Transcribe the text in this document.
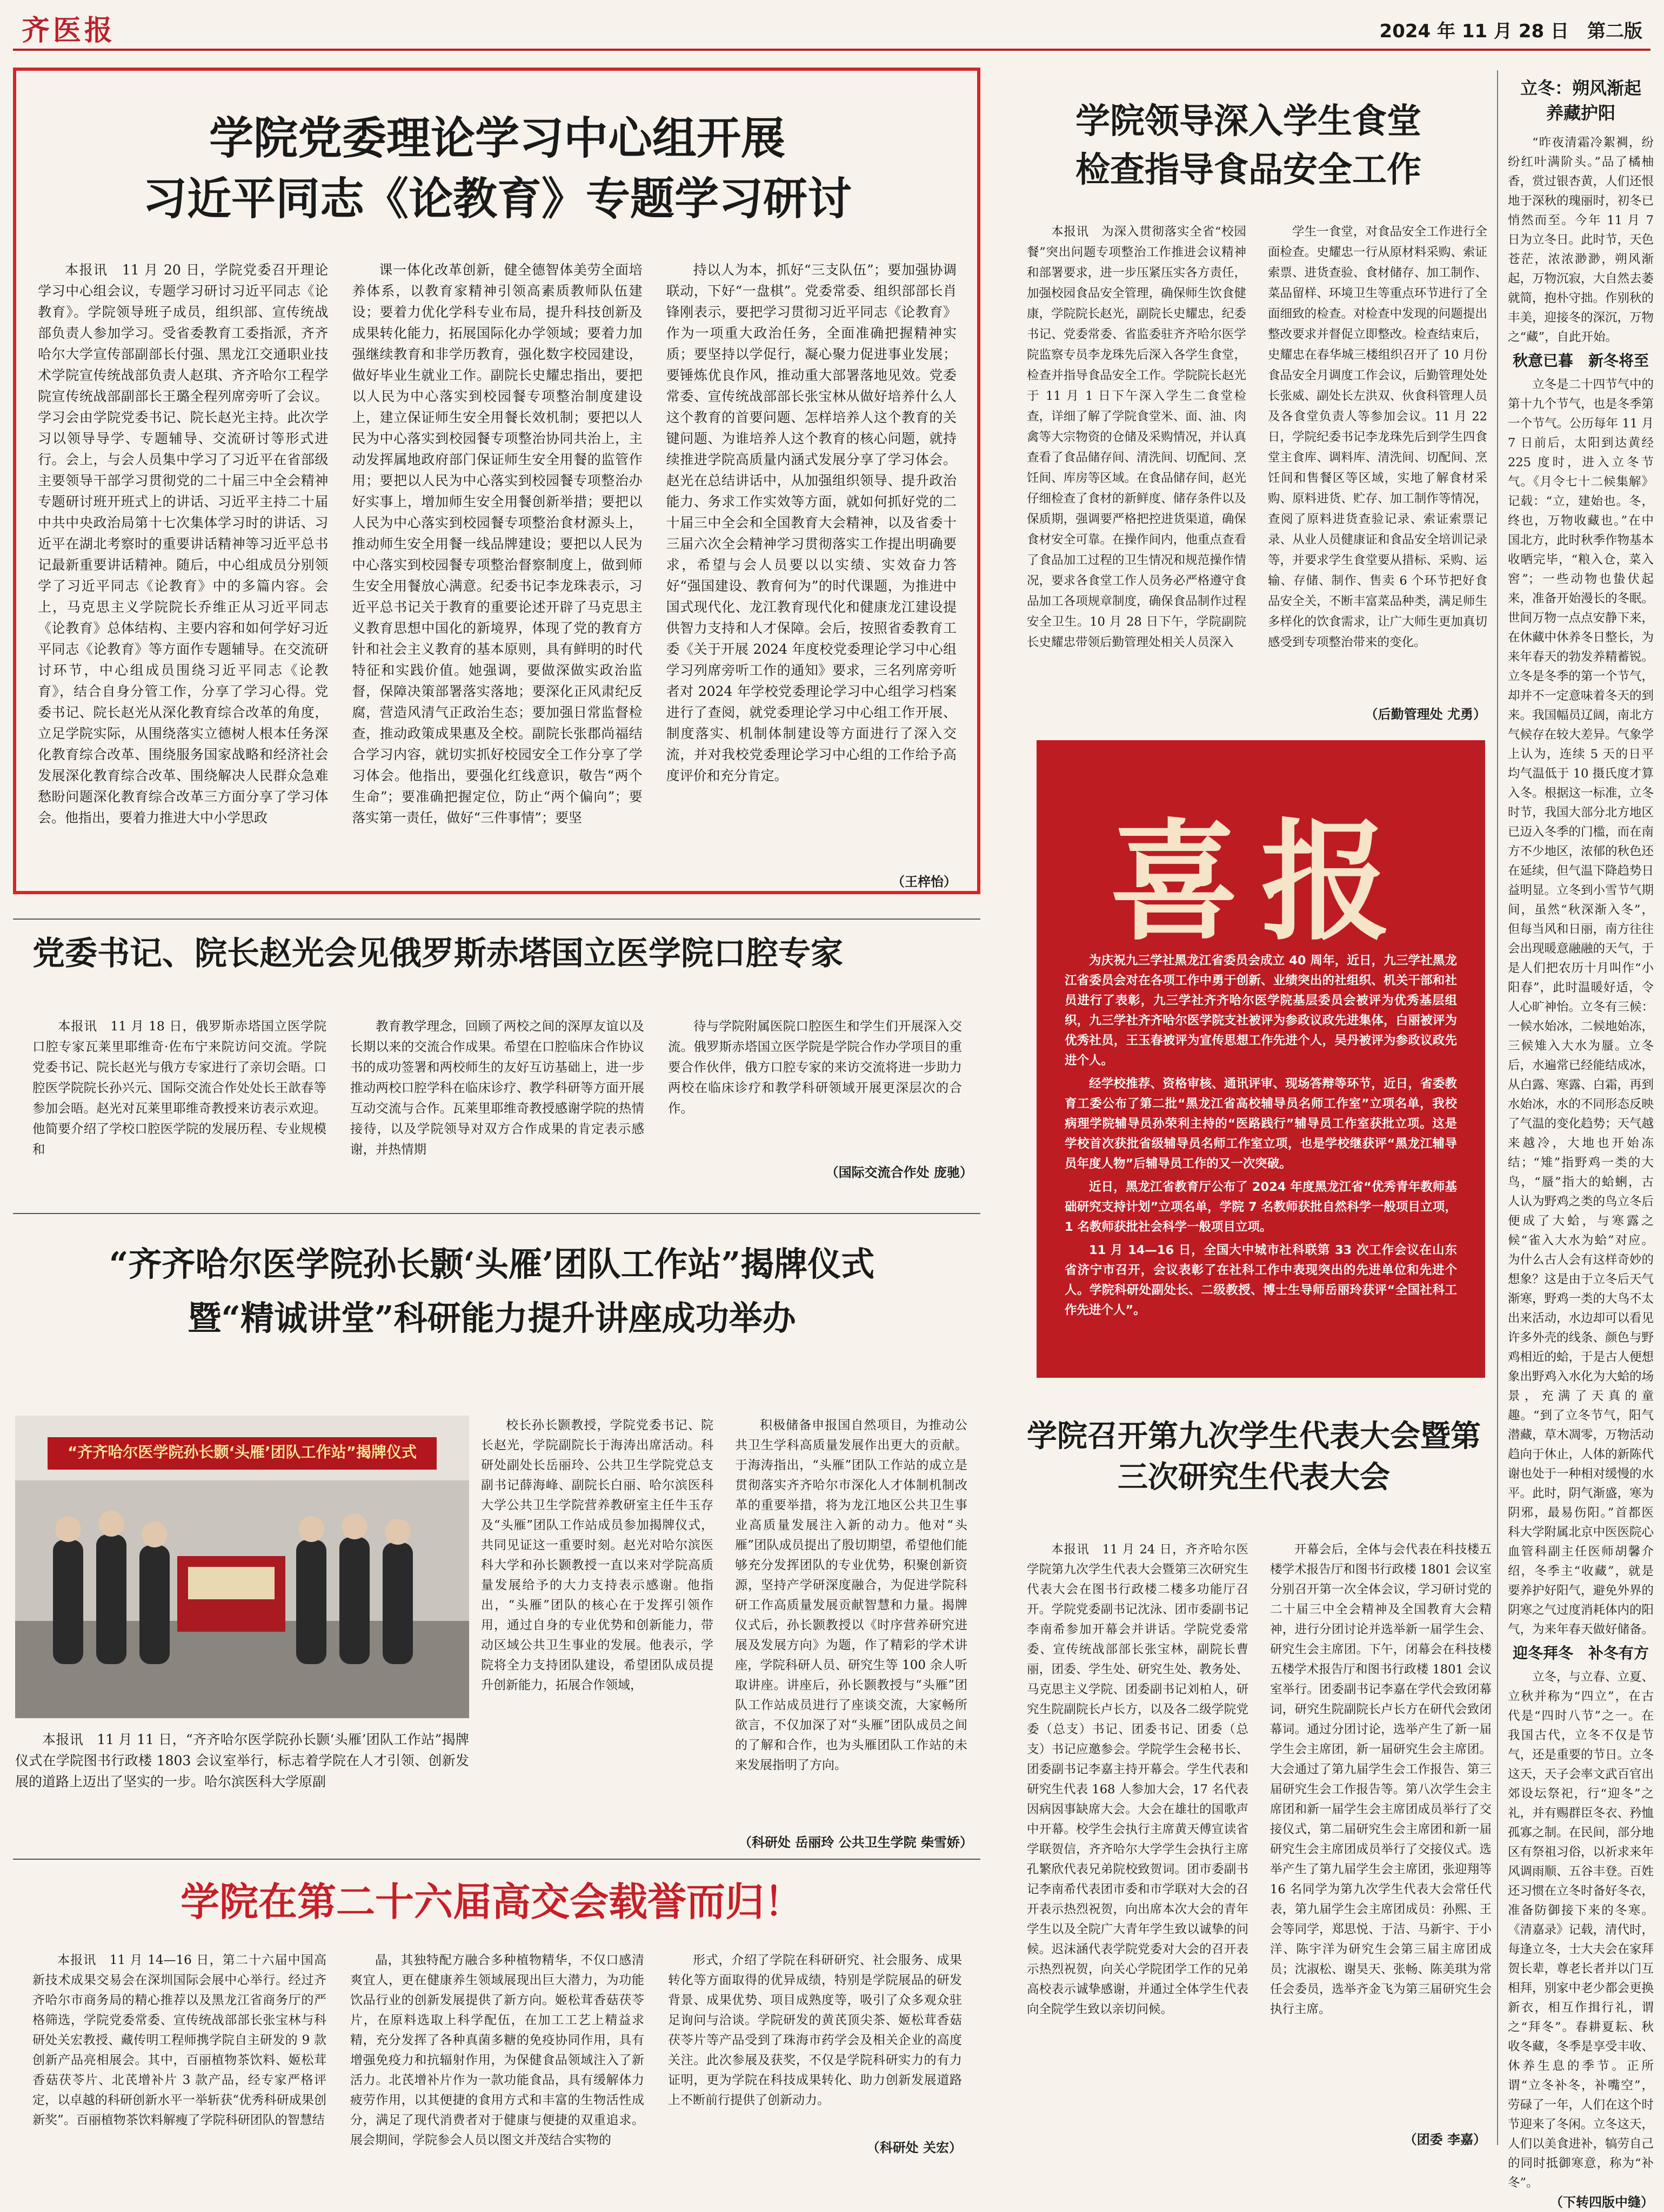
齐医报	2024 年 11 月 28 日　第二版
学院党委理论学习中心组开展
习近平同志《论教育》专题学习研讨

本报讯　11 月 20 日，学院党委召开理论学习中心组会议，专题学习研讨习近平同志《论教育》。学院领导班子成员，组织部、宣传统战部负责人参加学习。受省委教育工委指派，齐齐哈尔大学宣传部副部长付强、黑龙江交通职业技术学院宣传统战部负责人赵琪、齐齐哈尔工程学院宣传统战部副部长王璐全程列席旁听了会议。学习会由学院党委书记、院长赵光主持。此次学习以领导导学、专题辅导、交流研讨等形式进行。会上，与会人员集中学习了习近平在省部级主要领导干部学习贯彻党的二十届三中全会精神专题研讨班开班式上的讲话、习近平主持二十届中共中央政治局第十七次集体学习时的讲话、习近平在湖北考察时的重要讲话精神等习近平总书记最新重要讲话精神。随后，中心组成员分别领学了习近平同志《论教育》中的多篇内容。会上，马克思主义学院院长乔维正从习近平同志《论教育》总体结构、主要内容和如何学好习近平同志《论教育》等方面作专题辅导。在交流研讨环节，中心组成员围绕习近平同志《论教育》，结合自身分管工作，分享了学习心得。党委书记、院长赵光从深化教育综合改革的角度，立足学院实际，从围绕落实立德树人根本任务深化教育综合改革、围绕服务国家战略和经济社会发展深化教育综合改革、围绕解决人民群众急难愁盼问题深化教育综合改革三方面分享了学习体会。他指出，要着力推进大中小学思政

课一体化改革创新，健全德智体美劳全面培养体系，以教育家精神引领高素质教师队伍建设；要着力优化学科专业布局，提升科技创新及成果转化能力，拓展国际化办学领域；要着力加强继续教育和非学历教育，强化数字校园建设，做好毕业生就业工作。副院长史耀忠指出，要把以人民为中心落实到校园餐专项整治制度建设上，建立保证师生安全用餐长效机制；要把以人民为中心落实到校园餐专项整治协同共治上，主动发挥属地政府部门保证师生安全用餐的监管作用；要把以人民为中心落实到校园餐专项整治办好实事上，增加师生安全用餐创新举措；要把以人民为中心落实到校园餐专项整治食材源头上，推动师生安全用餐一线品牌建设；要把以人民为中心落实到校园餐专项整治督察制度上，做到师生安全用餐放心满意。纪委书记李龙珠表示，习近平总书记关于教育的重要论述开辟了马克思主义教育思想中国化的新境界，体现了党的教育方针和社会主义教育的基本原则，具有鲜明的时代特征和实践价值。她强调，要做深做实政治监督，保障决策部署落实落地；要深化正风肃纪反腐，营造风清气正政治生态；要加强日常监督检查，推动政策成果惠及全校。副院长张郡尚福结合学习内容，就切实抓好校园安全工作分享了学习体会。他指出，要强化红线意识，敬告“两个生命”；要准确把握定位，防止“两个偏向”；要落实第一责任，做好“三件事情”；要坚

持以人为本，抓好“三支队伍”；要加强协调联动，下好“一盘棋”。党委常委、组织部部长肖锋刚表示，要把学习贯彻习近平同志《论教育》作为一项重大政治任务，全面准确把握精神实质；要坚持以学促行，凝心聚力促进事业发展；要锤炼优良作风，推动重大部署落地见效。党委常委、宣传统战部部长张宝林从做好培养什么人这个教育的首要问题、怎样培养人这个教育的关键问题、为谁培养人这个教育的核心问题，就持续推进学院高质量内涵式发展分享了学习体会。赵光在总结讲话中，从加强组织领导、提升政治能力、务求工作实效等方面，就如何抓好党的二十届三中全会和全国教育大会精神，以及省委十三届六次全会精神学习贯彻落实工作提出明确要求，希望与会人员要以以实绩、实效奋力答好“强国建设、教育何为”的时代课题，为推进中国式现代化、龙江教育现代化和健康龙江建设提供智力支持和人才保障。会后，按照省委教育工委《关于开展 2024 年度校党委理论学习中心组学习列席旁听工作的通知》要求，三名列席旁听者对 2024 年学校党委理论学习中心组学习档案进行了查阅，就党委理论学习中心组工作开展、制度落实、机制体制建设等方面进行了深入交流，并对我校党委理论学习中心组的工作给予高度评价和充分肯定。

（王梓怡）
学院领导深入学生食堂
检查指导食品安全工作

本报讯　为深入贯彻落实全省“校园餐”突出问题专项整治工作推进会议精神和部署要求，进一步压紧压实各方责任，加强校园食品安全管理，确保师生饮食健康，学院院长赵光，副院长史耀忠，纪委书记、党委常委、省监委驻齐齐哈尔医学院监察专员李龙珠先后深入各学生食堂，检查并指导食品安全工作。学院院长赵光于 11 月 1 日下午深入学生二食堂检查，详细了解了学院食堂米、面、油、肉禽等大宗物资的仓储及采购情况，并认真查看了食品储存间、清洗间、切配间、烹饪间、库房等区域。在食品储存间，赵光仔细检查了食材的新鲜度、储存条件以及保质期，强调要严格把控进货渠道，确保食材安全可靠。在操作间内，他重点查看了食品加工过程的卫生情况和规范操作情况，要求各食堂工作人员务必严格遵守食品加工各项规章制度，确保食品制作过程安全卫生。10 月 28 日下午，学院副院长史耀忠带领后勤管理处相关人员深入

学生一食堂，对食品安全工作进行全面检查。史耀忠一行从原材料采购、索证索票、进货查验、食材储存、加工制作、菜品留样、环境卫生等重点环节进行了全面细致的检查。对检查中发现的问题提出整改要求并督促立即整改。检查结束后，史耀忠在春华城三楼组织召开了 10 月份食品安全月调度工作会议，后勤管理处处长张威、副处长左洪双、伙食科管理人员及各食堂负责人等参加会议。11 月 22 日，学院纪委书记李龙珠先后到学生四食堂主食库、调料库、清洗间、切配间、烹饪间和售餐区等区域，实地了解食材采购、原料进货、贮存、加工制作等情况，查阅了原料进货查验记录、索证索票记录、从业人员健康证和食品安全培训记录等，并要求学生食堂要从措标、采购、运输、存储、制作、售卖 6 个环节把好食品安全关，不断丰富菜品种类，满足师生多样化的饮食需求，让广大师生更加真切感受到专项整治带来的变化。

（后勤管理处 尤勇）
立冬：朔风渐起
养藏护阳

“昨夜清霜冷絮裯，纷纷红叶满阶头。”品了橘柚香，赏过银杏黄，人们还恨地于深秋的瑰丽时，初冬已悄然而至。今年 11 月 7 日为立冬日。此时节，天色苍茫，浓浓渺渺，朔风渐起，万物沉寂，大自然去萎就简，抱朴守拙。作别秋的丰美，迎接冬的深沉，万物之“藏”，自此开始。

秋意已暮　新冬将至

立冬是二十四节气中的第十九个节气，也是冬季第一个节气。公历每年 11 月 7 日前后，太阳到达黄经 225 度时，进入立冬节气。《月令七十二候集解》记载：“立，建始也。冬，终也，万物收藏也。”在中国北方，此时秋季作物基本收晒完毕，“粮入仓，菜入窖”；一些动物也蛰伏起来，准备开始漫长的冬眠。世间万物一点点安静下来，在休藏中休养冬日整长，为来年春天的勃发养精蓄锐。立冬是冬季的第一个节气，却并不一定意味着冬天的到来。我国幅员辽阔，南北方气候存在较大差异。气象学上认为，连续 5 天的日平均气温低于 10 摄氏度才算入冬。根据这一标准，立冬时节，我国大部分北方地区已迈入冬季的门槛，而在南方不少地区，浓郁的秋色还在延续，但气温下降趋势日益明显。立冬到小雪节气期间，虽然“秋深渐入冬”，但每当风和日丽，南方往往会出现暖意融融的天气，于是人们把农历十月叫作“小阳春”，此时温暖好适，令人心旷神怡。立冬有三候：一候水始冰，二候地始冻，三候雉入大水为蜃。立冬后，水遍常已经能结成冰，从白露、寒露、白霜，再到水始冰，水的不同形态反映了气温的变化趋势；天气越来越冷，大地也开始冻结；“雉”指野鸡一类的大鸟，“蜃”指大的蛤蜊，古人认为野鸡之类的鸟立冬后便成了大蛤，与寒露之候“雀入大水为蛤”对应。为什么古人会有这样奇妙的想象？这是由于立冬后天气渐寒，野鸡一类的大鸟不太出来活动，水边却可以看见许多外壳的线条、颜色与野鸡相近的蛤，于是古人便想象出野鸡入水化为大蛤的场景，充满了天真的童趣。“到了立冬节气，阳气潜藏，草木凋零，万物活动趋向于休止，人体的新陈代谢也处于一种相对缓慢的水平。此时，阴气渐盛，寒为阴邪，最易伤阳。”首都医科大学附属北京中医医院心血管科副主任医师胡馨介绍，冬季主“收藏”，就是要养护好阳气，避免外界的阴寒之气过度消耗体内的阳气，为来年春天做好储备。

迎冬拜冬　补冬有方

立冬，与立春、立夏、立秋并称为“四立”，在古代是“四时八节”之一。在我国古代，立冬不仅是节气，还是重要的节日。立冬这天，天子会率文武百官出郊设坛祭祀，行“迎冬”之礼，并有赐群臣冬衣、矜恤孤寡之制。在民间，部分地区有祭祖习俗，以祈求来年风调雨顺、五谷丰登。百姓还习惯在立冬时备好冬衣，准备防御接下来的冬寒。《清嘉录》记载，清代时，每逢立冬，士大夫会在家拜贺长辈，尊老长者并以门互相拜，别家中老少都会更换新衣，相互作揖行礼，谓之“拜冬”。春耕夏耘、秋收冬藏，冬季是享受丰收、休养生息的季节。正所谓“立冬补冬，补嘴空”，劳碌了一年，人们在这个时节迎来了冬闲。立冬这天，人们以美食进补，犒劳自己的同时抵御寒意，称为“补冬”。

（下转四版中缝）
喜报

为庆祝九三学社黑龙江省委员会成立 40 周年，近日，九三学社黑龙江省委员会对在各项工作中勇于创新、业绩突出的社组织、机关干部和社员进行了表彰，九三学社齐齐哈尔医学院基层委员会被评为优秀基层组织，九三学社齐齐哈尔医学院支社被评为参政议政先进集体，白丽被评为优秀社员，王玉春被评为宣传思想工作先进个人，吴丹被评为参政议政先进个人。

经学校推荐、资格审核、通讯评审、现场答辩等环节，近日，省委教育工委公布了第二批“黑龙江省高校辅导员名师工作室”立项名单，我校病理学院辅导员孙荣利主持的“医路践行”辅导员工作室获批立项。这是学校首次获批省级辅导员名师工作室立项，也是学校继获评“黑龙江辅导员年度人物”后辅导员工作的又一次突破。

近日，黑龙江省教育厅公布了 2024 年度黑龙江省“优秀青年教师基础研究支持计划”立项名单，学院 7 名教师获批自然科学一般项目立项，1 名教师获批社会科学一般项目立项。

11 月 14—16 日，全国大中城市社科联第 33 次工作会议在山东省济宁市召开，会议表彰了在社科工作中表现突出的先进单位和先进个人。学院科研处副处长、二级教授、博士生导师岳丽玲获评“全国社科工作先进个人”。

党委书记、院长赵光会见俄罗斯赤塔国立医学院口腔专家

本报讯　11 月 18 日，俄罗斯赤塔国立医学院口腔专家瓦莱里耶维奇·佐布宁来院访问交流。学院党委书记、院长赵光与俄方专家进行了亲切会晤。口腔医学院院长孙兴元、国际交流合作处处长王歆春等参加会晤。赵光对瓦莱里耶维奇教授来访表示欢迎。他简要介绍了学校口腔医学院的发展历程、专业规模和

教育教学理念，回顾了两校之间的深厚友谊以及长期以来的交流合作成果。希望在口腔临床合作协议书的成功签署和两校师生的友好互访基础上，进一步推动两校口腔学科在临床诊疗、教学科研等方面开展互动交流与合作。瓦莱里耶维奇教授感谢学院的热情接待，以及学院领导对双方合作成果的肯定表示感谢，并热情期

待与学院附属医院口腔医生和学生们开展深入交流。俄罗斯赤塔国立医学院是学院合作办学项目的重要合作伙伴，俄方口腔专家的来访交流将进一步助力两校在临床诊疗和教学科研领域开展更深层次的合作。

（国际交流合作处 庞驰）
“齐齐哈尔医学院孙长颢‘头雁’团队工作站”揭牌仪式
暨“精诚讲堂”科研能力提升讲座成功举办
“齐齐哈尔医学院孙长颢‘头雁’团队工作站”揭牌仪式

本报讯　11 月 11 日，“齐齐哈尔医学院孙长颢‘头雁’团队工作站”揭牌仪式在学院图书行政楼 1803 会议室举行，标志着学院在人才引领、创新发展的道路上迈出了坚实的一步。哈尔滨医科大学原副

校长孙长颢教授，学院党委书记、院长赵光，学院副院长于海涛出席活动。科研处副处长岳丽玲、公共卫生学院党总支副书记薛海峰、副院长白丽、哈尔滨医科大学公共卫生学院营养教研室主任牛玉存及“头雁”团队工作站成员参加揭牌仪式，共同见证这一重要时刻。赵光对哈尔滨医科大学和孙长颢教授一直以来对学院高质量发展给予的大力支持表示感谢。他指出，“头雁”团队的核心在于发挥引领作用，通过自身的专业优势和创新能力，带动区域公共卫生事业的发展。他表示，学院将全力支持团队建设，希望团队成员提升创新能力，拓展合作领域，

积极储备申报国自然项目，为推动公共卫生学科高质量发展作出更大的贡献。于海涛指出，“头雁”团队工作站的成立是贯彻落实齐齐哈尔市深化人才体制机制改革的重要举措，将为龙江地区公共卫生事业高质量发展注入新的动力。他对“头雁”团队成员提出了殷切期望，希望他们能够充分发挥团队的专业优势，积聚创新资源，坚持产学研深度融合，为促进学院科研工作高质量发展贡献智慧和力量。揭牌仪式后，孙长颢教授以《时序营养研究进展及发展方向》为题，作了精彩的学术讲座，学院科研人员、研究生等 100 余人听取讲座。讲座后，孙长颢教授与“头雁”团队工作站成员进行了座谈交流，大家畅所欲言，不仅加深了对“头雁”团队成员之间的了解和合作，也为头雁团队工作站的未来发展指明了方向。

（科研处 岳丽玲 公共卫生学院 柴雪娇）
学院召开第九次学生代表大会暨第三次研究生代表大会

本报讯　11 月 24 日，齐齐哈尔医学院第九次学生代表大会暨第三次研究生代表大会在图书行政楼二楼多功能厅召开。学院党委副书记沈泳、团市委副书记李南希参加开幕会并讲话。学院党委常委、宣传统战部部长张宝林，副院长曹丽，团委、学生处、研究生处、教务处、马克思主义学院、团委副书记刘柏人，研究生院副院长卢长方，以及各二级学院党委（总支）书记、团委书记、团委（总支）书记应邀参会。学院学生会秘书长、团委副书记李嘉主持开幕会。学生代表和研究生代表 168 人参加大会，17 名代表因病因事缺席大会。大会在雄壮的国歌声中开幕。校学生会执行主席黄天傅宣读省学联贺信，齐齐哈尔大学学生会执行主席孔繁欣代表兄弟院校致贺词。团市委副书记李南希代表团市委和市学联对大会的召开表示热烈祝贺，向出席本次大会的青年学生以及全院广大青年学生致以诚挚的问候。迟沫涵代表学院党委对大会的召开表示热烈祝贺，向关心学院团学工作的兄弟高校表示诚挚感谢，并通过全体学生代表向全院学生致以亲切问候。

开幕会后，全体与会代表在科技楼五楼学术报告厅和图书行政楼 1801 会议室分别召开第一次全体会议，学习研讨党的二十届三中全会精神及全国教育大会精神，进行分团讨论并选举新一届学生会、研究生会主席团。下午，闭幕会在科技楼五楼学术报告厅和图书行政楼 1801 会议室举行。团委副书记李嘉在学代会致闭幕词，研究生院副院长卢长方在研代会致闭幕词。通过分团讨论，选举产生了新一届学生会主席团，新一届研究生会主席团。大会通过了第九届学生会工作报告、第三届研究生会工作报告等。第八次学生会主席团和新一届学生会主席团成员举行了交接仪式，第二届研究生会主席团和新一届研究生会主席团成员举行了交接仪式。选举产生了第九届学生会主席团，张迎翔等 16 名同学为第九次学生代表大会常任代表，第九届学生会主席团成员：孙熙、王会等同学，郑思悦、于洁、马新宇、于小洋、陈宇洋为研究生会第三届主席团成员；沈淑松、谢昊天、张畅、陈美琪为常任会委员，选举齐金飞为第三届研究生会执行主席。

（团委 李嘉）
学院在第二十六届高交会载誉而归！

本报讯　11 月 14—16 日，第二十六届中国高新技术成果交易会在深圳国际会展中心举行。经过齐齐哈尔市商务局的精心推荐以及黑龙江省商务厅的严格筛选，学院党委常委、宣传统战部部长张宝林与科研处关宏教授、藏传明工程师携学院自主研发的 9 款创新产品亮相展会。其中，百丽植物茶饮料、姬松茸香菇茯苓片、北芪增补片 3 款产品，经专家严格评定，以卓越的科研创新水平一举斩获“优秀科研成果创新奖”。百丽植物茶饮料解瘦了学院科研团队的智慧结

晶，其独特配方融合多种植物精华，不仅口感清爽宜人，更在健康养生领域展现出巨大潜力，为功能饮品行业的创新发展提供了新方向。姬松茸香菇茯苓片，在原料选取上科学配伍，在加工工艺上精益求精，充分发挥了各种真菌多糖的免疫协同作用，具有增强免疫力和抗辐射作用，为保健食品领域注入了新活力。北芪增补片作为一款功能食品，具有缓解体力疲劳作用，以其便捷的食用方式和丰富的生物活性成分，满足了现代消费者对于健康与便捷的双重追求。展会期间，学院参会人员以图文并茂结合实物的

形式，介绍了学院在科研研究、社会服务、成果转化等方面取得的优异成绩，特别是学院展品的研发背景、成果优势、项目成熟度等，吸引了众多观众驻足询问与洽谈。学院研发的黄芪顶尖茶、姬松茸香菇茯苓片等产品受到了珠海市药学会及相关企业的高度关注。此次参展及获奖，不仅是学院科研实力的有力证明，更为学院在科技成果转化、助力创新发展道路上不断前行提供了创新动力。

（科研处 关宏）
